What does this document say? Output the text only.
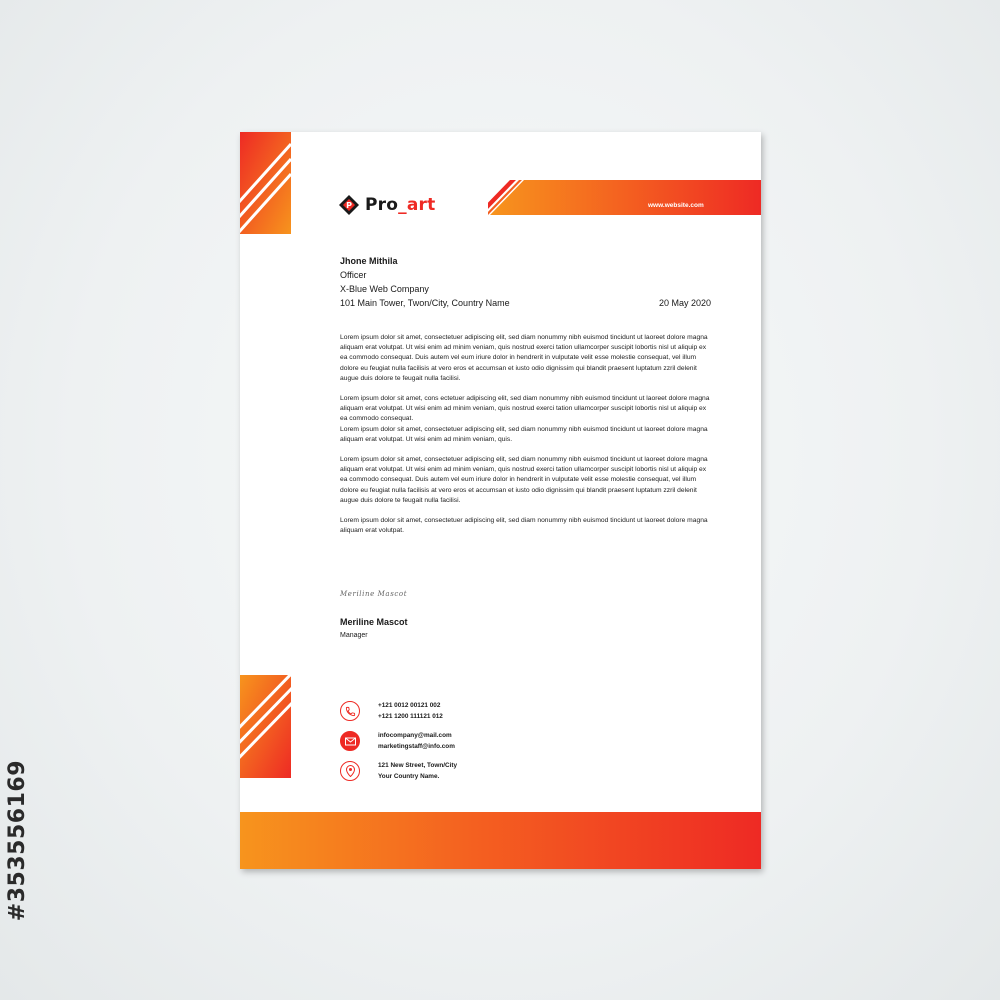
#353556169
P Pro_art	www.website.com
Jhone Mithila
Officer
X-Blue Web Company
101 Main Tower, Twon/City, Country Name	20 May 2020

Lorem ipsum dolor sit amet, consectetuer adipiscing elit, sed diam nonummy nibh euismod tincidunt ut laoreet dolore magna aliquam erat volutpat. Ut wisi enim ad minim veniam, quis nostrud exerci tation ullamcorper suscipit lobortis nisl ut aliquip ex ea commodo consequat. Duis autem vel eum iriure dolor in hendrerit in vulputate velit esse molestie consequat, vel illum dolore eu feugiat nulla facilisis at vero eros et accumsan et iusto odio dignissim qui blandit praesent luptatum zzril delenit augue duis dolore te feugait nulla facilisi.

Lorem ipsum dolor sit amet, cons ectetuer adipiscing elit, sed diam nonummy nibh euismod tincidunt ut laoreet dolore magna aliquam erat volutpat. Ut wisi enim ad minim veniam, quis nostrud exerci tation ullamcorper suscipit lobortis nisl ut aliquip ex ea commodo consequat.

Lorem ipsum dolor sit amet, consectetuer adipiscing elit, sed diam nonummy nibh euismod tincidunt ut laoreet dolore magna aliquam erat volutpat. Ut wisi enim ad minim veniam, quis.

Lorem ipsum dolor sit amet, consectetuer adipiscing elit, sed diam nonummy nibh euismod tincidunt ut laoreet dolore magna aliquam erat volutpat. Ut wisi enim ad minim veniam, quis nostrud exerci tation ullamcorper suscipit lobortis nisl ut aliquip ex ea commodo consequat. Duis autem vel eum iriure dolor in hendrerit in vulputate velit esse molestie consequat, vel illum dolore eu feugiat nulla facilisis at vero eros et accumsan et iusto odio dignissim qui blandit praesent luptatum zzril delenit augue duis dolore te feugait nulla facilisi.

Lorem ipsum dolor sit amet, consectetuer adipiscing elit, sed diam nonummy nibh euismod tincidunt ut laoreet dolore magna aliquam erat volutpat.

Meriline Mascot
Meriline Mascot
Manager
+121 0012 00121 002
+121 1200 111121 012
infocompany@mail.com
marketingstaff@info.com
121 New Street, Town/City
Your Country Name.
